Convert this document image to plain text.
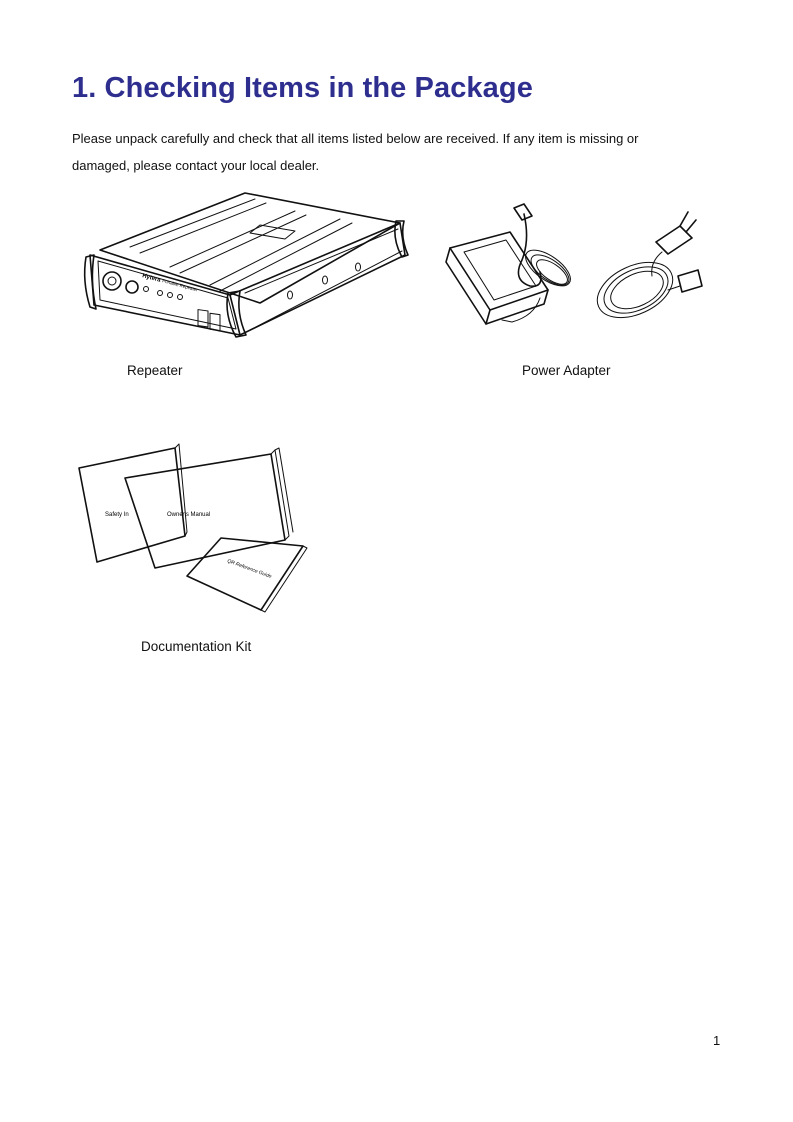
1. Checking Items in the Package

Please unpack carefully and check that all items listed below are received. If any item is missing or

damaged, please contact your local dealer.

Hytera Portable Repeater
Repeater	Power Adapter
Safety In	Owner's Manual
QR Reference Guide
Documentation Kit
1
